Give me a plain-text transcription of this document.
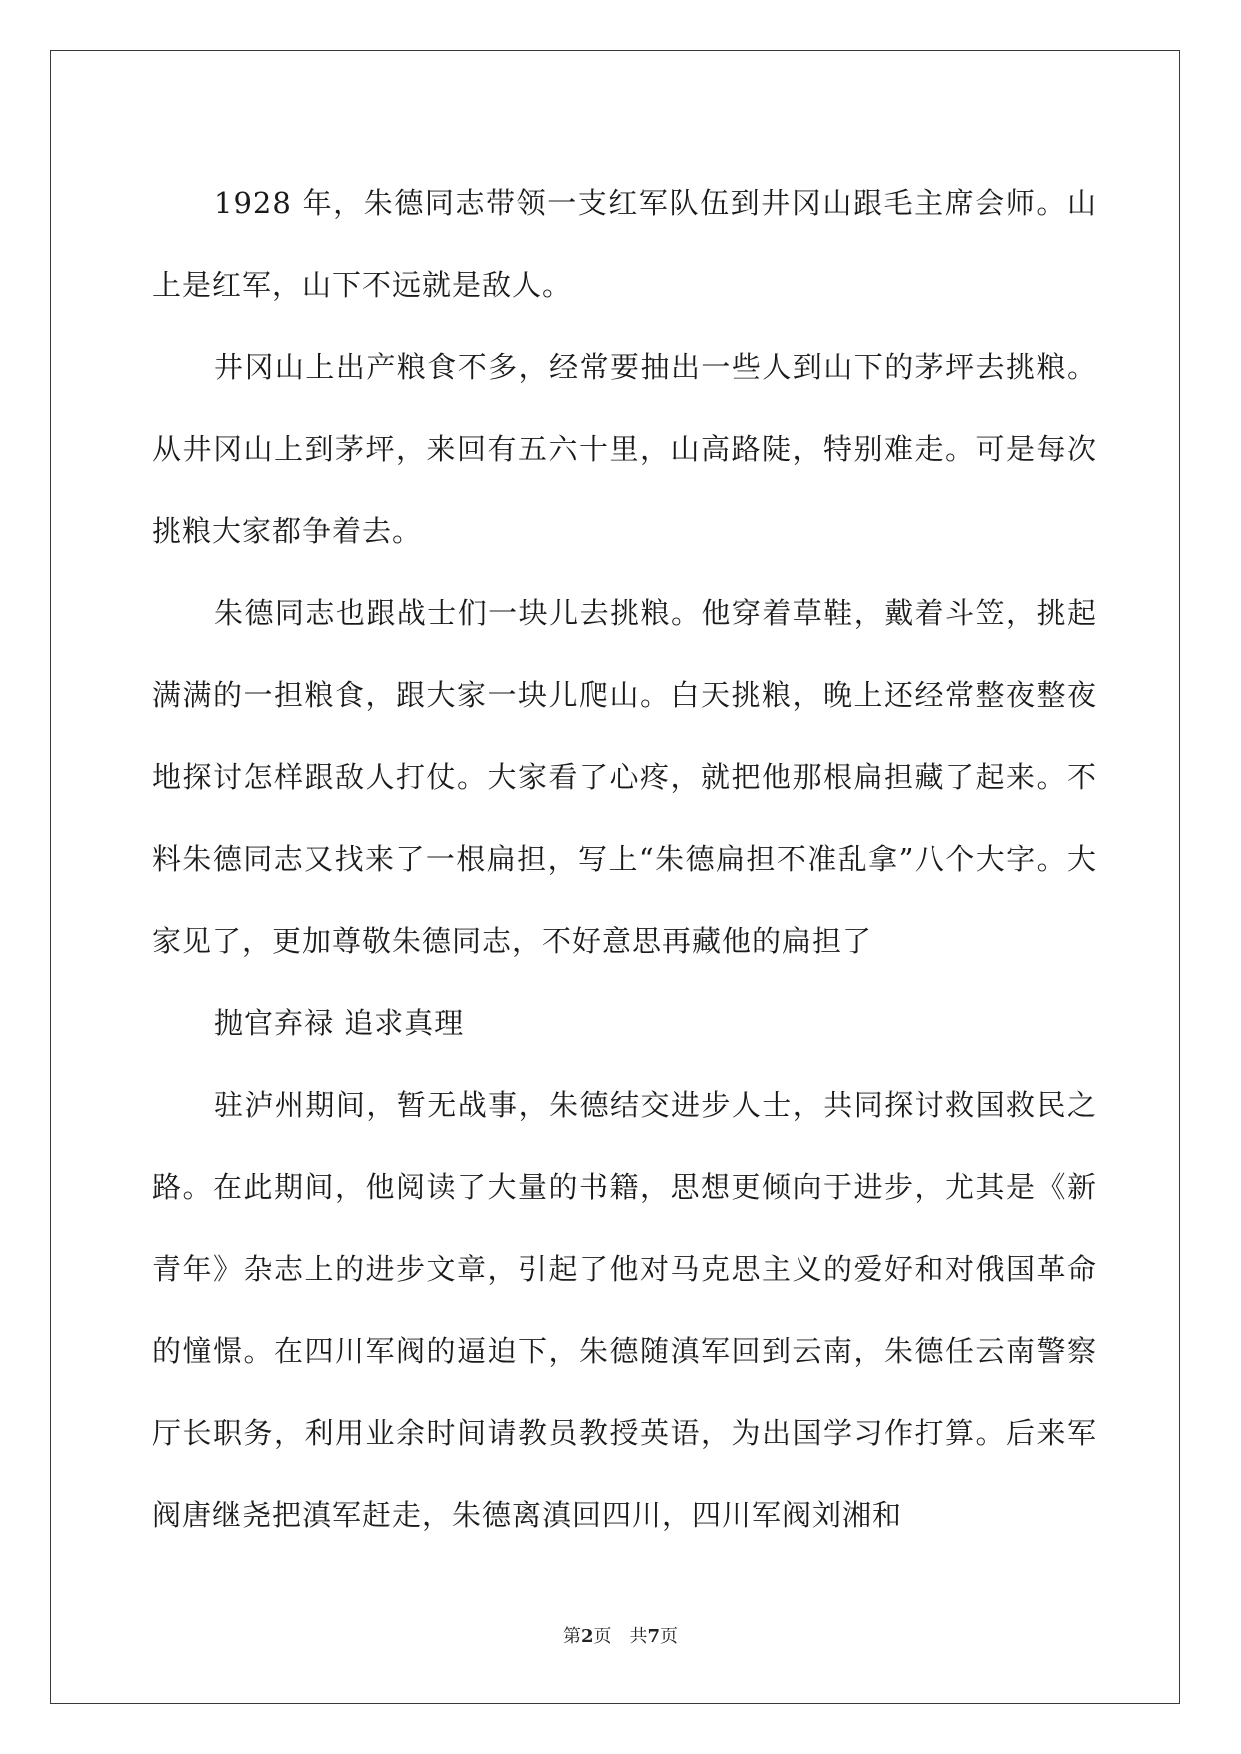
1928 年，朱德同志带领一支红军队伍到井冈山跟毛主席会师。山上是红军，山下不远就是敌人。

井冈山上出产粮食不多，经常要抽出一些人到山下的茅坪去挑粮。从井冈山上到茅坪，来回有五六十里，山高路陡，特别难走。可是每次挑粮大家都争着去。

朱德同志也跟战士们一块儿去挑粮。他穿着草鞋，戴着斗笠，挑起满满的一担粮食，跟大家一块儿爬山。白天挑粮，晚上还经常整夜整夜地探讨怎样跟敌人打仗。大家看了心疼，就把他那根扁担藏了起来。不料朱德同志又找来了一根扁担，写上“朱德扁担不准乱拿”八个大字。大家见了，更加尊敬朱德同志，不好意思再藏他的扁担了

抛官弃禄 追求真理

驻泸州期间，暂无战事，朱德结交进步人士，共同探讨救国救民之路。在此期间，他阅读了大量的书籍，思想更倾向于进步，尤其是《新青年》杂志上的进步文章，引起了他对马克思主义的爱好和对俄国革命的憧憬。在四川军阀的逼迫下，朱德随滇军回到云南，朱德任云南警察厅长职务，利用业余时间请教员教授英语，为出国学习作打算。后来军阀唐继尧把滇军赶走，朱德离滇回四川，四川军阀刘湘和

第2页 共7页
